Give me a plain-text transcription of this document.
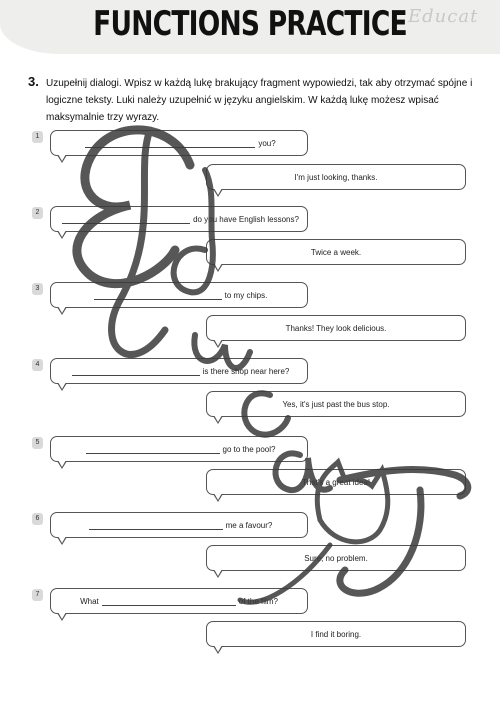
FUNCTIONS PRACTICE Educat
3. Uzupełnij dialogi. Wpisz w każdą lukę brakujący fragment wypowiedzi, tak aby otrzymać spójne i logiczne teksty. Luki należy uzupełnić w języku angielskim. W każdą lukę możesz wpisać maksymalnie trzy wyrazy.
1
you?
I'm just looking, thanks.
2
do you have English lessons?
Twice a week.
3
to my chips.
Thanks! They look delicious.
4
is there shop near here?
Yes, it's just past the bus stop.
5
go to the pool?
That's a great idea!
6
me a favour?
Sure, no problem.
7
What	of the film?
I find it boring.
